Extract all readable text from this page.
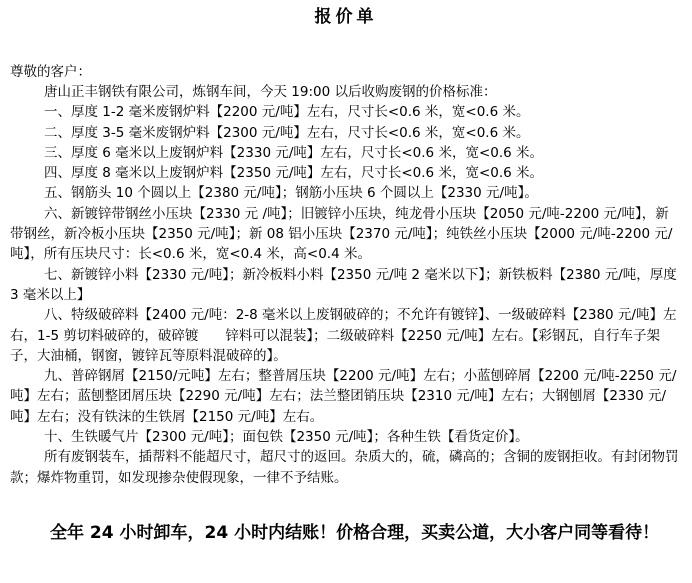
报价单
尊敬的客户：

唐山正丰钢铁有限公司，炼钢车间，今天 19:00 以后收购废钢的价格标准：

一、厚度 1-2 毫米废钢炉料【2200 元/吨】左右，尺寸长<0.6 米，宽<0.6 米。

二、厚度 3-5 毫米废钢炉料【2300 元/吨】左右，尺寸长<0.6 米，宽<0.6 米。

三、厚度 6 毫米以上废钢炉料【2330 元/吨】左右，尺寸长<0.6 米，宽<0.6 米。

四、厚度 8 毫米以上废钢炉料【2350 元/吨】左右，尺寸长<0.6 米，宽<0.6 米。

五、钢筋头 10 个圆以上【2380 元/吨】；钢筋小压块 6 个圆以上【2330 元/吨】。

六、新镀锌带钢丝小压块【2330 元 /吨】；旧镀锌小压块，纯龙骨小压块【2050 元/吨-2200 元/吨】，新带钢丝，新冷板小压块【2350 元/吨】；新 08 铝小压块【2370 元/吨】；纯铁丝小压块【2000 元/吨-2200 元/吨】，所有压块尺寸：长<0.6 米，宽<0.4 米，高<0.4 米。

七、新镀锌小料【2330 元/吨】；新冷板料小料【2350 元/吨 2 毫米以下】；新铁板料【2380 元/吨，厚度 3 毫米以上】

八、特级破碎料【2400 元/吨：2-8 毫米以上废钢破碎的；不允许有镀锌】、一级破碎料【2380 元/吨】左右，1-5 剪切料破碎的，破碎镀　　锌料可以混装】；二级破碎料【2250 元/吨】左右。【彩钢瓦，自行车子架子，大油桶，钢窗，镀锌瓦等原料混破碎的】。

九、普碎钢屑【2150/元吨】左右；整普屑压块【2200 元/吨】左右；小蓝刨碎屑【2200 元/吨-2250 元/吨】左右；蓝刨整团屑压块【2290 元/吨】左右；法兰整团销压块【2310 元/吨】左右；大钢刨屑【2330 元/吨】左右；没有铁沫的生铁屑【2150 元/吨】左右。

十、生铁暖气片【2300 元/吨】；面包铁【2350 元/吨】；各种生铁【看货定价】。

所有废钢装车，插帮料不能超尺寸，超尺寸的返回。杂质大的，硫，磷高的；含铜的废钢拒收。有封闭物罚款；爆炸物重罚，如发现掺杂使假现象，一律不予结账。

全年 24 小时卸车，24 小时内结账！价格合理，买卖公道，大小客户同等看待！
